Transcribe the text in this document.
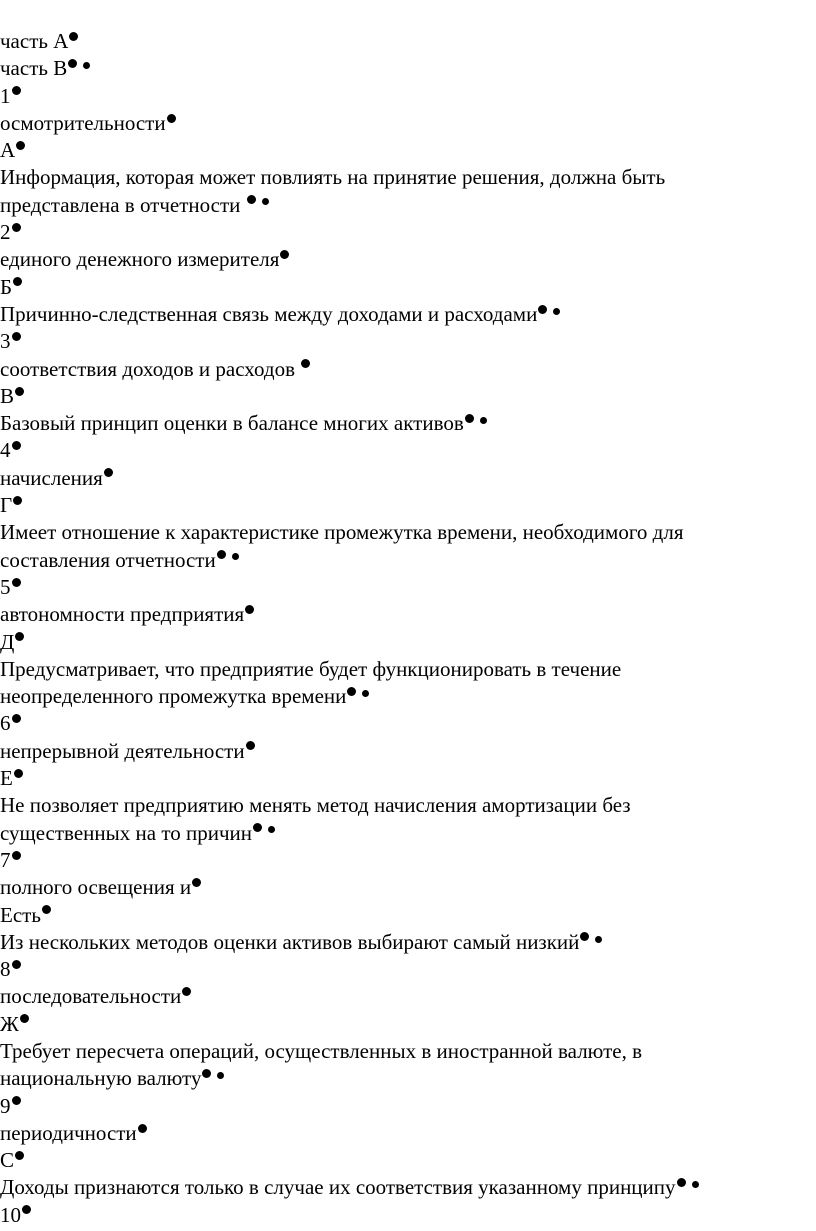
часть А
часть В
1
осмотрительности
А
Информация, которая может повлиять на принятие решения, должна быть
представлена в отчетности
2
единого денежного измерителя
Б
Причинно-следственная связь между доходами и расходами
3
соответствия доходов и расходов
В
Базовый принцип оценки в балансе многих активов
4
начисления
Г
Имеет отношение к характеристике промежутка времени, необходимого для
составления отчетности
5
автономности предприятия
Д
Предусматривает, что предприятие будет функционировать в течение
неопределенного промежутка времени
6
непрерывной деятельности
Е
Не позволяет предприятию менять метод начисления амортизации без
существенных на то причин
7
полного освещения и
Есть
Из нескольких методов оценки активов выбирают самый низкий
8
последовательности
Ж
Требует пересчета операций, осуществленных в иностранной валюте, в
национальную валюту
9
периодичности
С
Доходы признаются только в случае их соответствия указанному принципу
10
